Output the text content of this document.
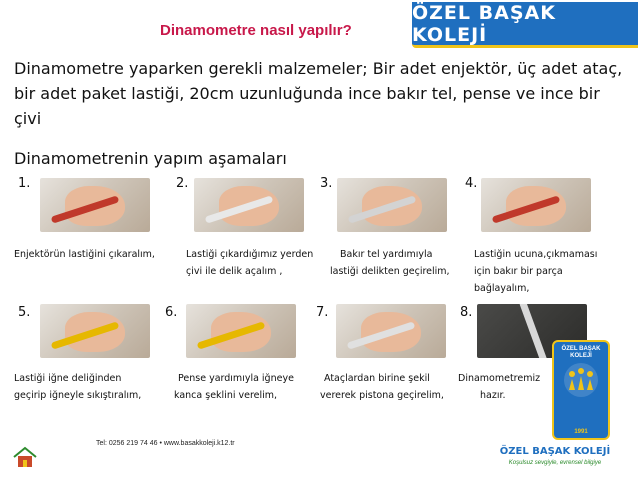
Dinamometre nasıl yapılır?
ÖZEL BAŞAK KOLEJİ
Dinamometre yaparken gerekli malzemeler; Bir adet enjektör, üç adet ataç, bir adet paket lastiği, 20cm uzunluğunda ince bakır tel, pense ve ince bir çivi
Dinamometrenin yapım aşamaları
1.	2.	3.	4.
Enjektörün lastiğini çıkaralım,	Lastiği çıkardığımız yerden
çivi ile delik açalım ,
Bakır tel yardımıyla
lastiği delikten geçirelim,
Lastiğin ucuna,çıkmaması
için bakır bir parça
bağlayalım,
5.	6.	7.	8.
Lastiği iğne deliğinden
geçirip iğneyle sıkıştıralım,
Pense yardımıyla iğneye
kanca şeklini verelim,
Ataçlardan birine şekil
vererek pistona geçirelim,
Dinamometremiz
hazır.
ÖZEL BAŞAK KOLEJİ
1991
Tel: 0256 219 74 46 • www.basakkoleji.k12.tr
ÖZEL BAŞAK KOLEJİ
Koşulsuz sevgiyle, evrensel bilgiye
